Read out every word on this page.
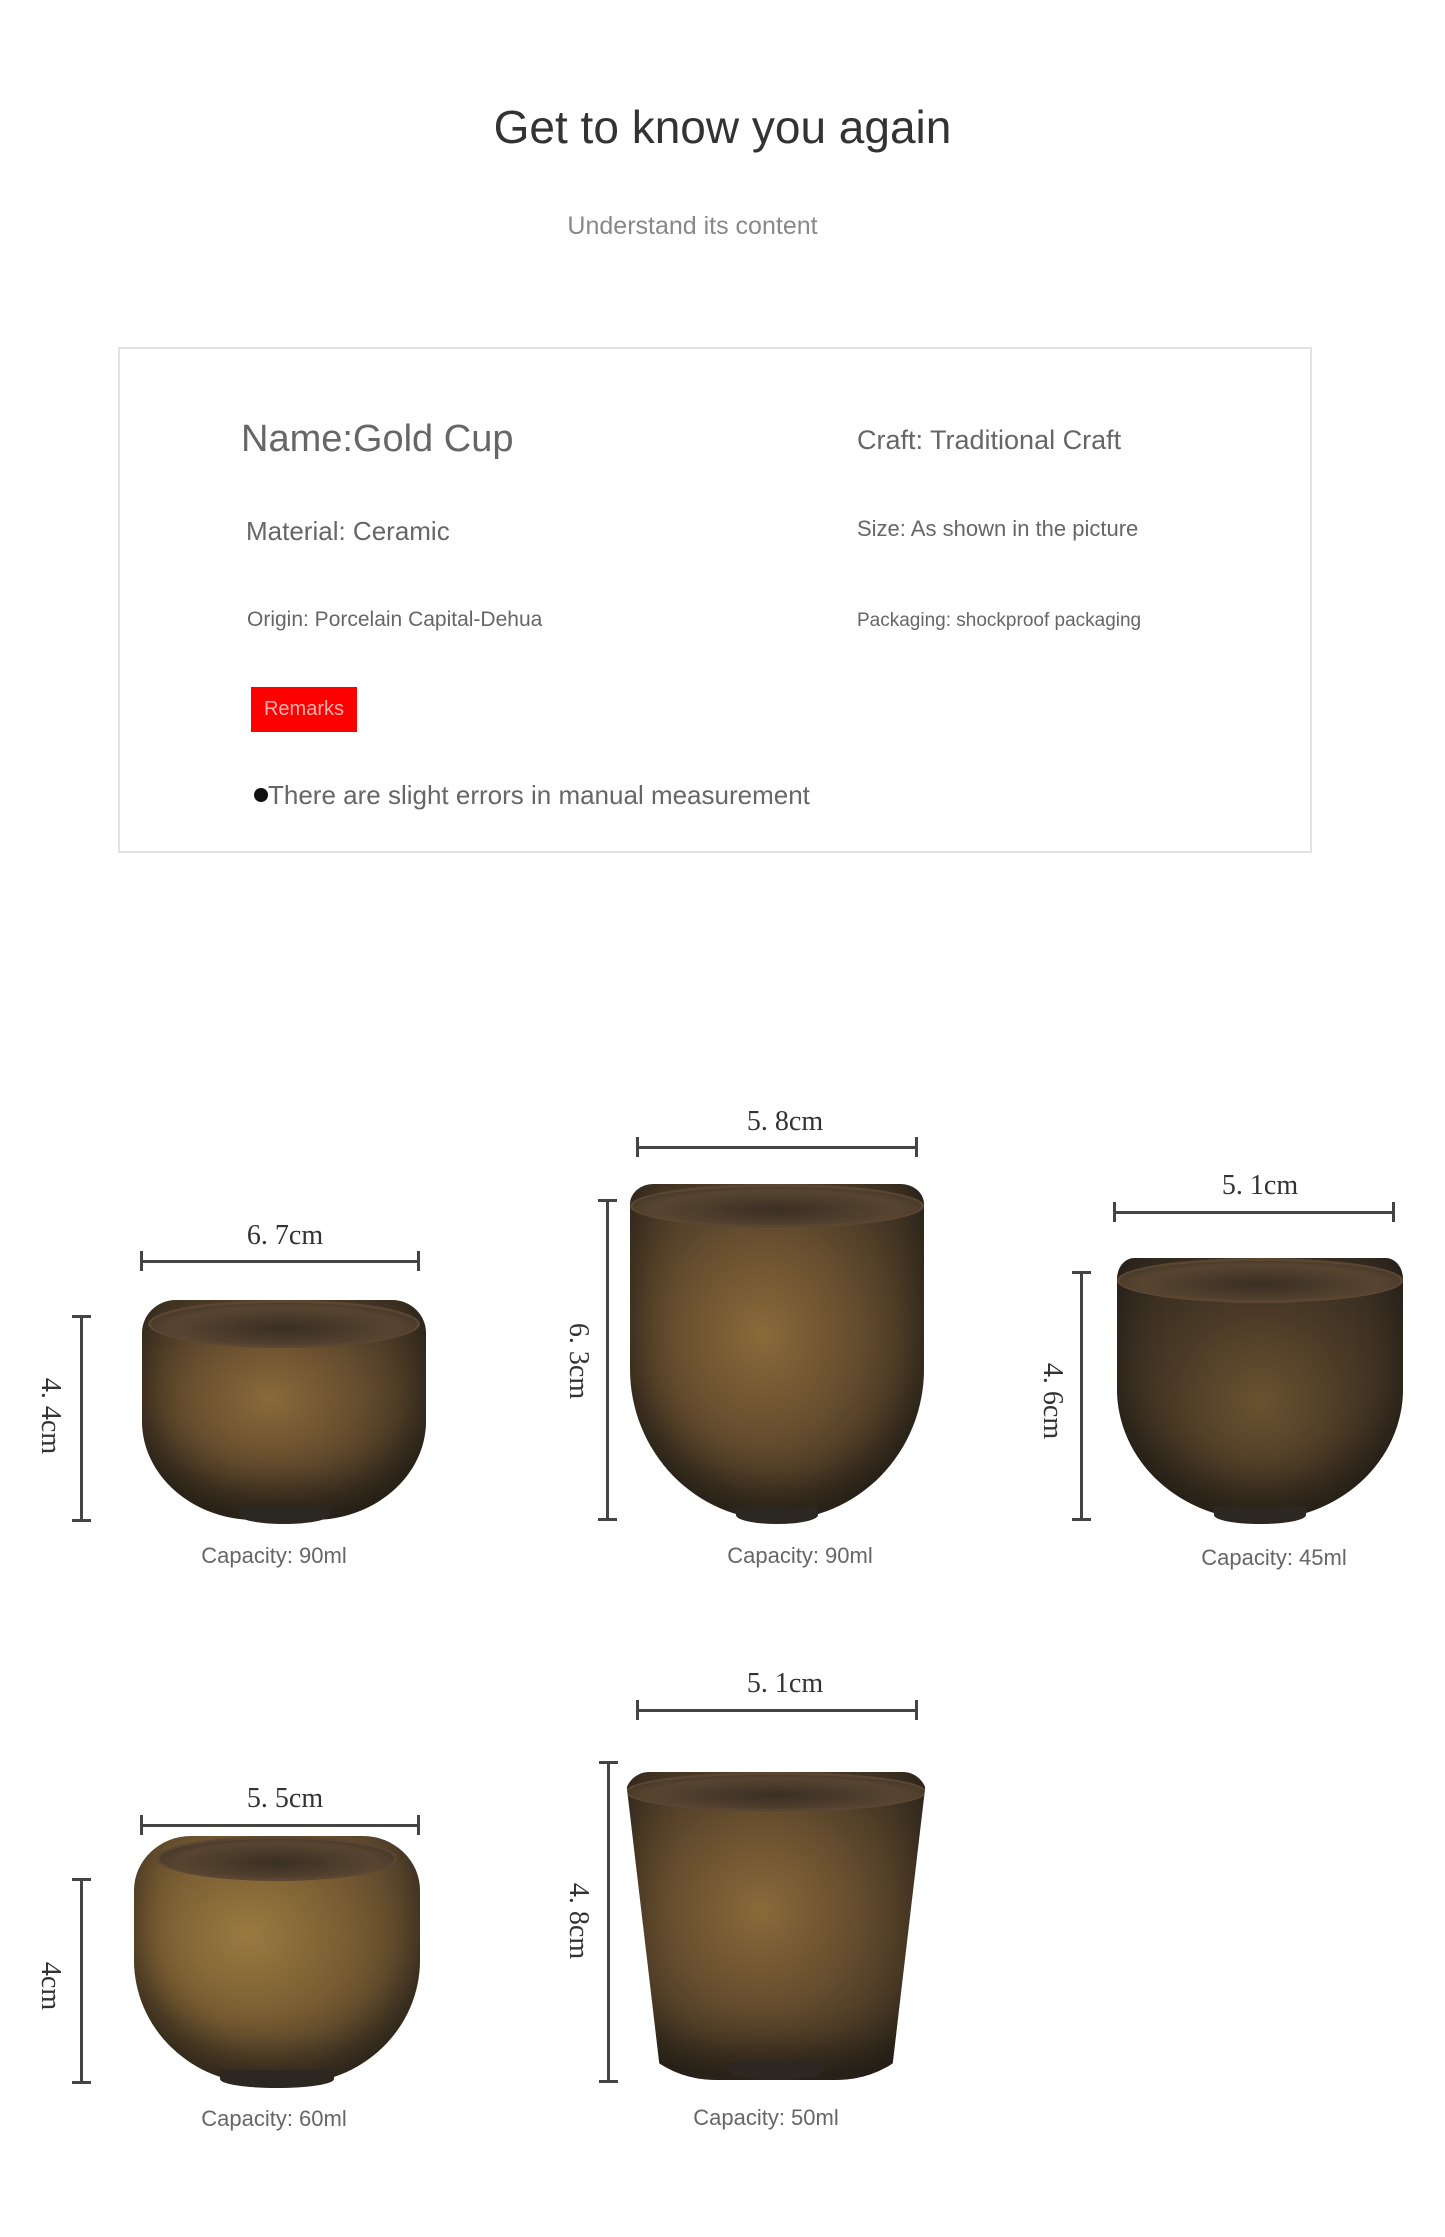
Get to know you again
Understand its content
Name:Gold Cup	Craft: Traditional Craft
Material: Ceramic	Size: As shown in the picture
Origin: Porcelain Capital-Dehua	Packaging: shockproof packaging
Remarks
There are slight errors in manual measurement
6. 7cm
4. 4cm
Capacity: 90ml
5. 8cm
6. 3cm
Capacity: 90ml
5. 1cm
4. 6cm
Capacity: 45ml
5. 5cm
4cm
Capacity: 60ml
5. 1cm
4. 8cm
Capacity: 50ml
